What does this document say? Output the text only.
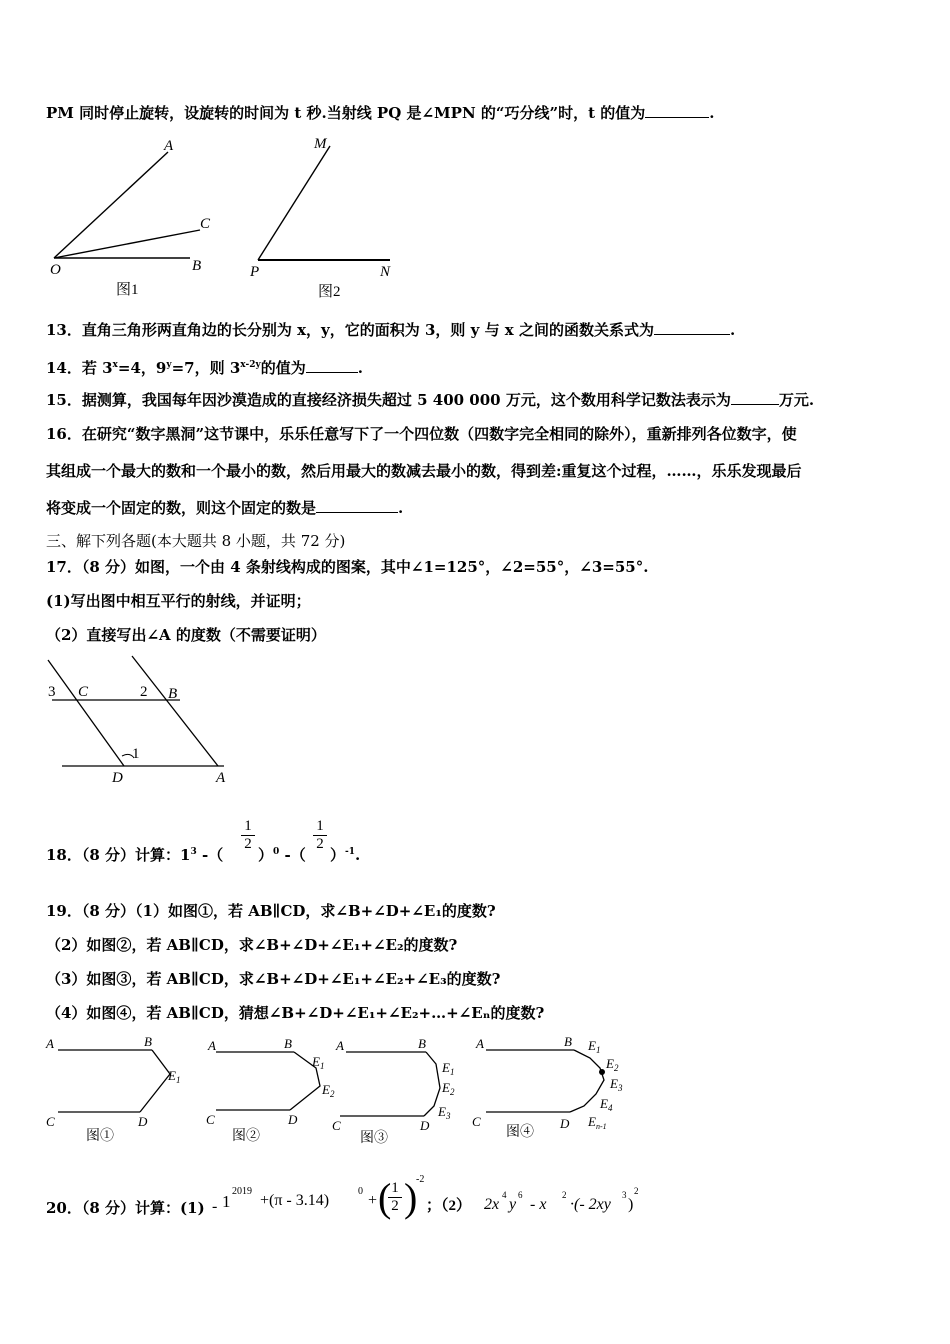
PM 同时停止旋转，设旋转的时间为 t 秒.当射线 PQ 是∠MPN 的“巧分线”时，t 的值为	.
A
C
O	B
图1
M
P	N
图2
13．直角三角形两直角边的长分别为 x，y，它的面积为 3，则 y 与 x 之间的函数关系式为	.
14．若 $3^x=4$，$9^y=7$，则 $3^{x-2y}$的值为	.
15．据测算，我国每年因沙漠造成的直接经济损失超过 5 400 000 万元，这个数用科学记数法表示为	万元.
16．在研究“数字黑洞”这节课中，乐乐任意写下了一个四位数（四数字完全相同的除外），重新排列各位数字，使
其组成一个最大的数和一个最小的数，然后用最大的数减去最小的数，得到差:重复这个过程，……，乐乐发现最后
将变成一个固定的数，则这个固定的数是	.
三、解下列各题(本大题共 8 小题，共 72 分)
17．（8 分）如图，一个由 4 条射线构成的图案，其中∠1=125°，∠2=55°，∠3=55°.
(1)写出图中相互平行的射线，并证明；
（2）直接写出∠A 的度数（不需要证明）
3 C	2 B
1
D	A
18．（8 分）计算：$1^3$ -（
$\frac{1}{2}$
）$^0$ -（
$\frac{1}{2}$
）$^{-1}$.
19．（8 分）（1）如图①，若 AB∥CD，求∠B+∠D+∠E₁的度数?
（2）如图②，若 AB∥CD，求∠B+∠D+∠E₁+∠E₂的度数?
（3）如图③，若 AB∥CD，求∠B+∠D+∠E₁+∠E₂+∠E₃的度数?
（4）如图④，若 AB∥CD，猜想∠B+∠D+∠E₁+∠E₂+…+∠Eₙ的度数?
A	B
$E_1$
C	D
图①
A	B
$E_1$
$E_2$
C	D
图②
A	B
$E_1$
$E_2$
$E_3$
C	D
图③
A	B $E_1$
$E_2$
$E_3$
$E_4$
$E_{n-1}$
C	D
图④
20．（8 分）计算：(1) - 1
2019
+(π - 3.14)
0
+ (
$\frac{1}{2}$ )
-2
；（2） 2x
4
y
6
- x
2
·(- 2xy
3
)
2
